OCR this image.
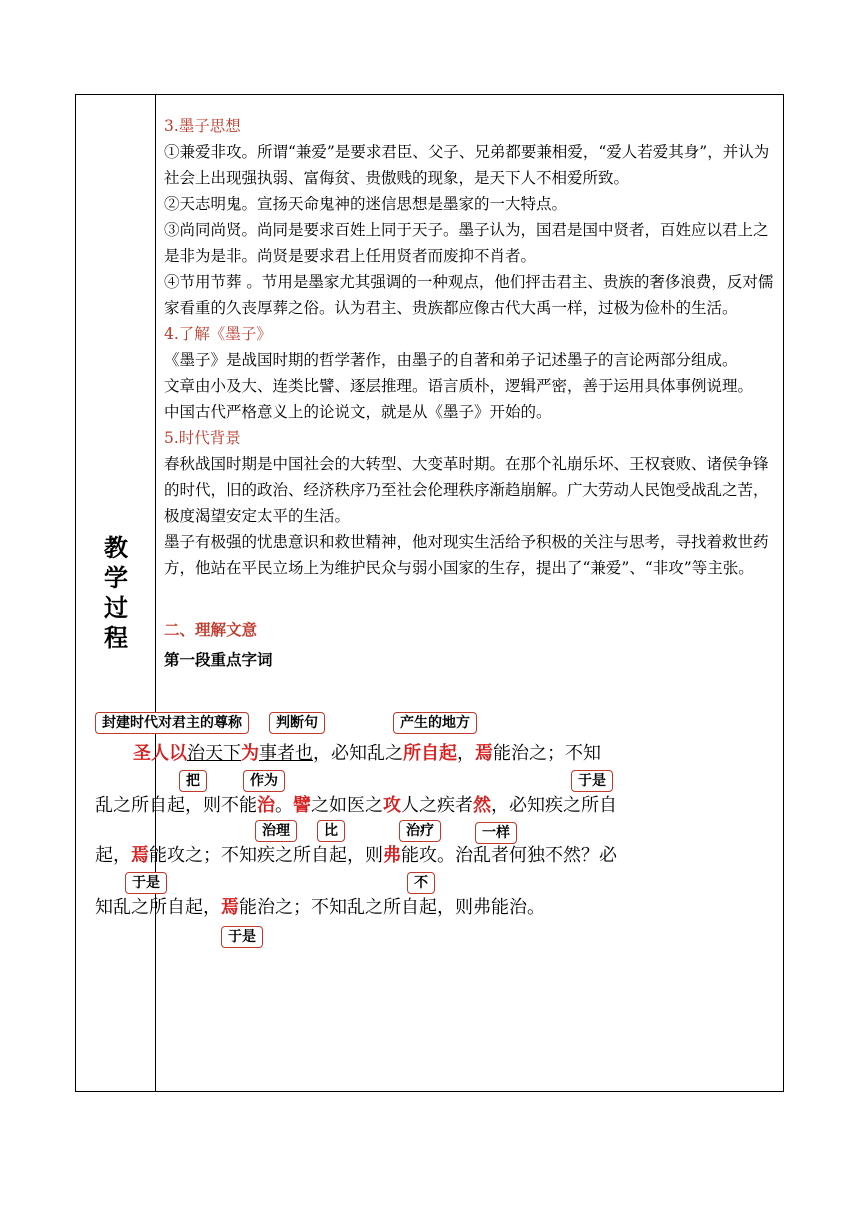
教
学
过
程

3.墨子思想

①兼爱非攻。所谓“兼爱”是要求君臣、父子、兄弟都要兼相爱，“爱人若爱其身”，并认为社会上出现强执弱、富侮贫、贵傲贱的现象，是天下人不相爱所致。

②天志明鬼。宣扬天命鬼神的迷信思想是墨家的一大特点。

③尚同尚贤。尚同是要求百姓上同于天子。墨子认为，国君是国中贤者，百姓应以君上之是非为是非。尚贤是要求君上任用贤者而废抑不肖者。

④节用节葬 。节用是墨家尤其强调的一种观点，他们抨击君主、贵族的奢侈浪费，反对儒家看重的久丧厚葬之俗。认为君主、贵族都应像古代大禹一样，过极为俭朴的生活。

4.了解《墨子》

《墨子》是战国时期的哲学著作，由墨子的自著和弟子记述墨子的言论两部分组成。

文章由小及大、连类比譬、逐层推理。语言质朴，逻辑严密，善于运用具体事例说理。

中国古代严格意义上的论说文，就是从《墨子》开始的。

5.时代背景

春秋战国时期是中国社会的大转型、大变革时期。在那个礼崩乐坏、王权衰败、诸侯争锋的时代，旧的政治、经济秩序乃至社会伦理秩序渐趋崩解。广大劳动人民饱受战乱之苦，极度渴望安定太平的生活。

墨子有极强的忧患意识和救世精神，他对现实生活给予积极的关注与思考，寻找着救世药方，他站在平民立场上为维护民众与弱小国家的生存，提出了“兼爱”、“非攻”等主张。

二、理解文意

第一段重点字词

封建时代对君主的尊称	判断句	产生的地方
圣人以治天下为事者也，必知乱之所自起，焉能治之；不知
把	作为	于是
乱之所自起，则不能治。譬之如医之攻人之疾者然，必知疾之所自
治理	比	治疗	一样
起，焉能攻之；不知疾之所自起，则弗能攻。治乱者何独不然？必
于是	不
知乱之所自起，焉能治之；不知乱之所自起，则弗能治。
于是
